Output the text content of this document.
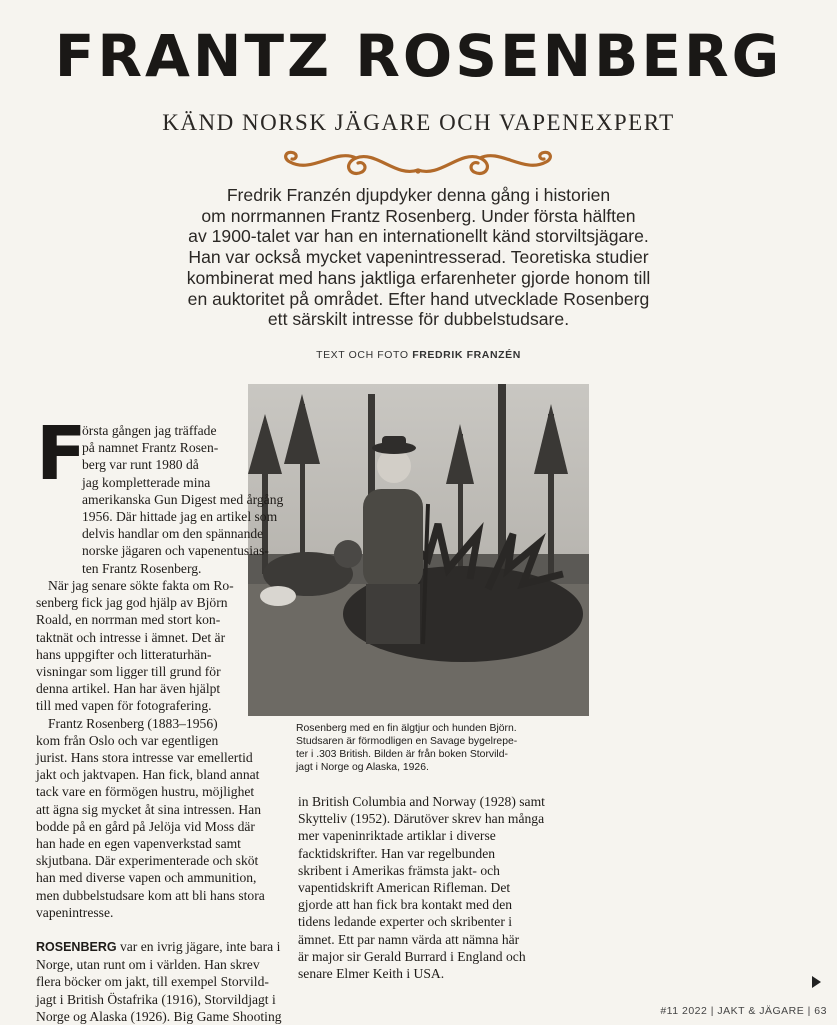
FRANTZ ROSENBERG
KÄND NORSK JÄGARE OCH VAPENEXPERT
Fredrik Franzén djupdyker denna gång i historien
om norrmannen Frantz Rosenberg. Under första hälften
av 1900-talet var han en internationellt känd storviltsjägare.
Han var också mycket vapenintresserad. Teoretiska studier
kombinerat med hans jaktliga erfarenheter gjorde honom till
en auktoritet på området. Efter hand utvecklade Rosenberg
ett särskilt intresse för dubbelstudsare.
TEXT OCH FOTO FREDRIK FRANZÉN
Rosenberg med en fin älgtjur och hunden Björn.
Studsaren är förmodligen en Savage bygelrepe-
ter i .303 British. Bilden är från boken Storvild-
jagt i Norge og Alaska, 1926.
F
örsta gången jag träffade
på namnet Frantz Rosen-
berg var runt 1980 då
jag kompletterade mina
amerikanska Gun Digest med årgång
1956. Där hittade jag en artikel som
delvis handlar om den spännande
norske jägaren och vapenentusias-
ten Frantz Rosenberg.
När jag senare sökte fakta om Ro-
senberg fick jag god hjälp av Björn
Roald, en norrman med stort kon-
taktnät och intresse i ämnet. Det är
hans uppgifter och litteraturhän-
visningar som ligger till grund för
denna artikel. Han har även hjälpt
till med vapen för fotografering.
Frantz Rosenberg (1883–1956)
kom från Oslo och var egentligen
jurist. Hans stora intresse var emellertid
jakt och jaktvapen. Han fick, bland annat
tack vare en förmögen hustru, möjlighet
att ägna sig mycket åt sina intressen. Han
bodde på en gård på Jelöja vid Moss där
han hade en egen vapenverkstad samt
skjutbana. Där experimenterade och sköt
han med diverse vapen och ammunition,
men dubbelstudsare kom att bli hans stora
vapenintresse.
ROSENBERG var en ivrig jägare, inte bara i
Norge, utan runt om i världen. Han skrev
flera böcker om jakt, till exempel Storvild-
jagt i British Östafrika (1916), Storvildjagt i
Norge og Alaska (1926). Big Game Shooting
in British Columbia and Norway (1928) samt
Skytteliv (1952). Därutöver skrev han många
mer vapeninriktade artiklar i diverse
facktidskrifter. Han var regelbunden
skribent i Amerikas främsta jakt- och
vapentidskrift American Rifleman. Det
gjorde att han fick bra kontakt med den
tidens ledande experter och skribenter i
ämnet. Ett par namn värda att nämna här
är major sir Gerald Burrard i England och
senare Elmer Keith i USA.
#11 2022 | JAKT & JÄGARE | 63
